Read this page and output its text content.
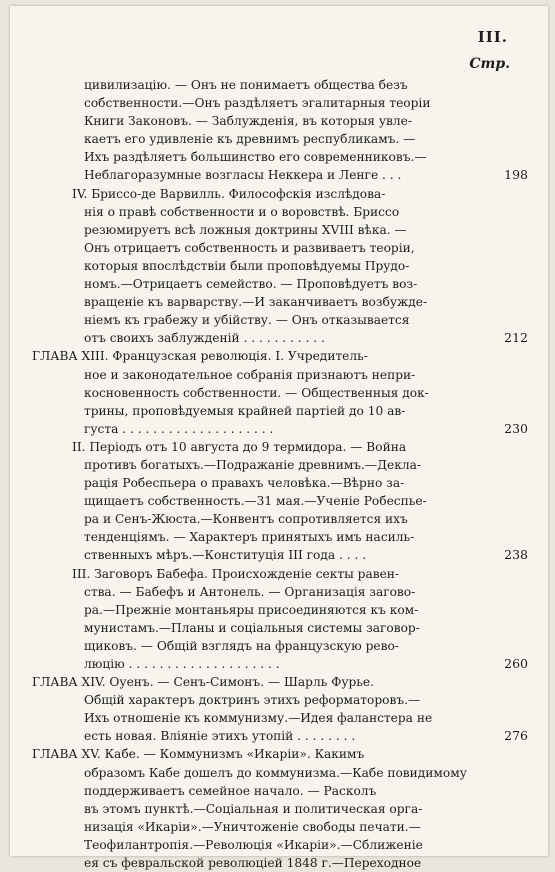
III.
Стр.
цивилизацію. — Онъ не понимаетъ общества безъ
собственности.—Онъ раздѣляетъ эгалитарныя теоріи
Книги Законовъ. — Заблужденія, въ которыя увле-
каетъ его удивленіе къ древнимъ республикамъ. —
Ихъ раздѣляетъ большинство его современниковъ.—
Неблагоразумные возгласы Неккера и Ленге . . .	198
IV. Бриссо-де Варвилль. Философскія изслѣдова-
нія о правѣ собственности и о воровствѣ. Бриссо
резюмируетъ всѣ ложныя доктрины XVIII вѣка. —
Онъ отрицаетъ собственность и развиваетъ теоріи,
которыя впослѣдствіи были проповѣдуемы Прудо-
номъ.—Отрицаетъ семейство. — Проповѣдуетъ воз-
вращеніе къ варварству.—И заканчиваетъ возбужде-
ніемъ къ грабежу и убійству. — Онъ отказывается
отъ своихъ заблужденій . . . . . . . . . . .	212
ГЛАВА XIII. Французская революція. I. Учредитель-
ное и законодательное собранія признаютъ непри-
косновенность собственности. — Общественныя док-
трины, проповѣдуемыя крайней партіей до 10 ав-
густа . . . . . . . . . . . . . . . . . . . .	230
II. Періодъ отъ 10 августа до 9 термидора. — Война
противъ богатыхъ.—Подражаніе древнимъ.—Декла-
рація Робеспьера о правахъ человѣка.—Вѣрно за-
щищаетъ собственность.—31 мая.—Ученіе Робеспье-
ра и Сенъ-Жюста.—Конвентъ сопротивляется ихъ
тенденціямъ. — Характеръ принятыхъ имъ насиль-
ственныхъ мѣръ.—Конституція III года . . . .	238
III. Заговоръ Бабефа. Происхожденіе секты равен-
ства. — Бабефъ и Антонель. — Организація загово-
ра.—Прежніе монтаньяры присоединяются къ ком-
мунистамъ.—Планы и соціальныя системы заговор-
щиковъ. — Общій взглядъ на французскую рево-
люцію . . . . . . . . . . . . . . . . . . . .	260
ГЛАВА XIV. Оуенъ. — Сенъ-Симонъ. — Шарль Фурье.
Общій характеръ доктринъ этихъ реформаторовъ.—
Ихъ отношеніе къ коммунизму.—Идея фаланстера не
есть новая. Вліяніе этихъ утопій . . . . . . . .	276
ГЛАВА XV. Кабе. — Коммунизмъ «Икаріи». Какимъ
образомъ Кабе дошелъ до коммунизма.—Кабе повидимому
поддерживаетъ семейное начало. — Расколъ
въ этомъ пунктѣ.—Соціальная и политическая орга-
низація «Икаріи».—Уничтоженіе свободы печати.—
Теофилантропія.—Революція «Икаріи».—Сближеніе
ея съ февральской революціей 1848 г.—Переходное
